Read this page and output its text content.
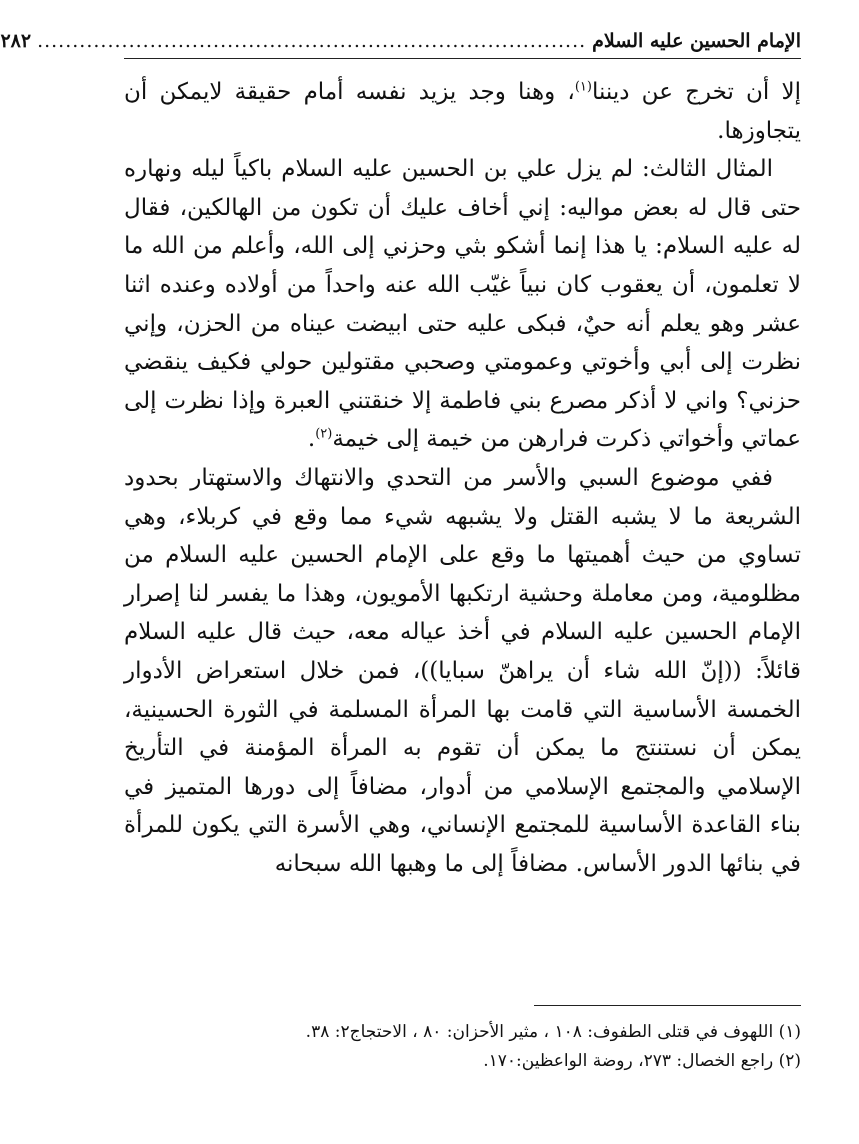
الإمام الحسين عليه السلام
..............................................................................
٢٨٢

إلا أن تخرج عن ديننا$^{(١)}$، وهنا وجد يزيد نفسه أمام حقيقة لايمكن أن يتجاوزها.

المثال الثالث: لم يزل علي بن الحسين عليه السلام باكياً ليله ونهاره حتى قال له بعض مواليه: إني أخاف عليك أن تكون من الهالكين، فقال له عليه السلام: يا هذا إنما أشكو بثي وحزني إلى الله، وأعلم من الله ما لا تعلمون، أن يعقوب كان نبياً غيّب الله عنه واحداً من أولاده وعنده اثنا عشر وهو يعلم أنه حيٌ، فبكى عليه حتى ابيضت عيناه من الحزن، وإني نظرت إلى أبي وأخوتي وعمومتي وصحبي مقتولين حولي فكيف ينقضي حزني؟ واني لا أذكر مصرع بني فاطمة إلا خنقتني العبرة وإذا نظرت إلى عماتي وأخواتي ذكرت فرارهن من خيمة إلى خيمة$^{(٢)}$.

ففي موضوع السبي والأسر من التحدي والانتهاك والاستهتار بحدود الشريعة ما لا يشبه القتل ولا يشبهه شيء مما وقع في كربلاء، وهي تساوي من حيث أهميتها ما وقع على الإمام الحسين عليه السلام من مظلومية، ومن معاملة وحشية ارتكبها الأمويون، وهذا ما يفسر لنا إصرار الإمام الحسين عليه السلام في أخذ عياله معه، حيث قال عليه السلام قائلاً: ((إنّ الله شاء أن يراهنّ سبايا))، فمن خلال استعراض الأدوار الخمسة الأساسية التي قامت بها المرأة المسلمة في الثورة الحسينية، يمكن أن نستنتج ما يمكن أن تقوم به المرأة المؤمنة في التأريخ الإسلامي والمجتمع الإسلامي من أدوار، مضافاً إلى دورها المتميز في بناء القاعدة الأساسية للمجتمع الإنساني، وهي الأسرة التي يكون للمرأة في بنائها الدور الأساس. مضافاً إلى ما وهبها الله سبحانه

(١) اللهوف في قتلى الطفوف: ١٠٨ ، مثير الأحزان: ٨٠ ، الاحتجاج٢: ٣٨.

(٢) راجع الخصال: ٢٧٣، روضة الواعظين:١٧٠.
